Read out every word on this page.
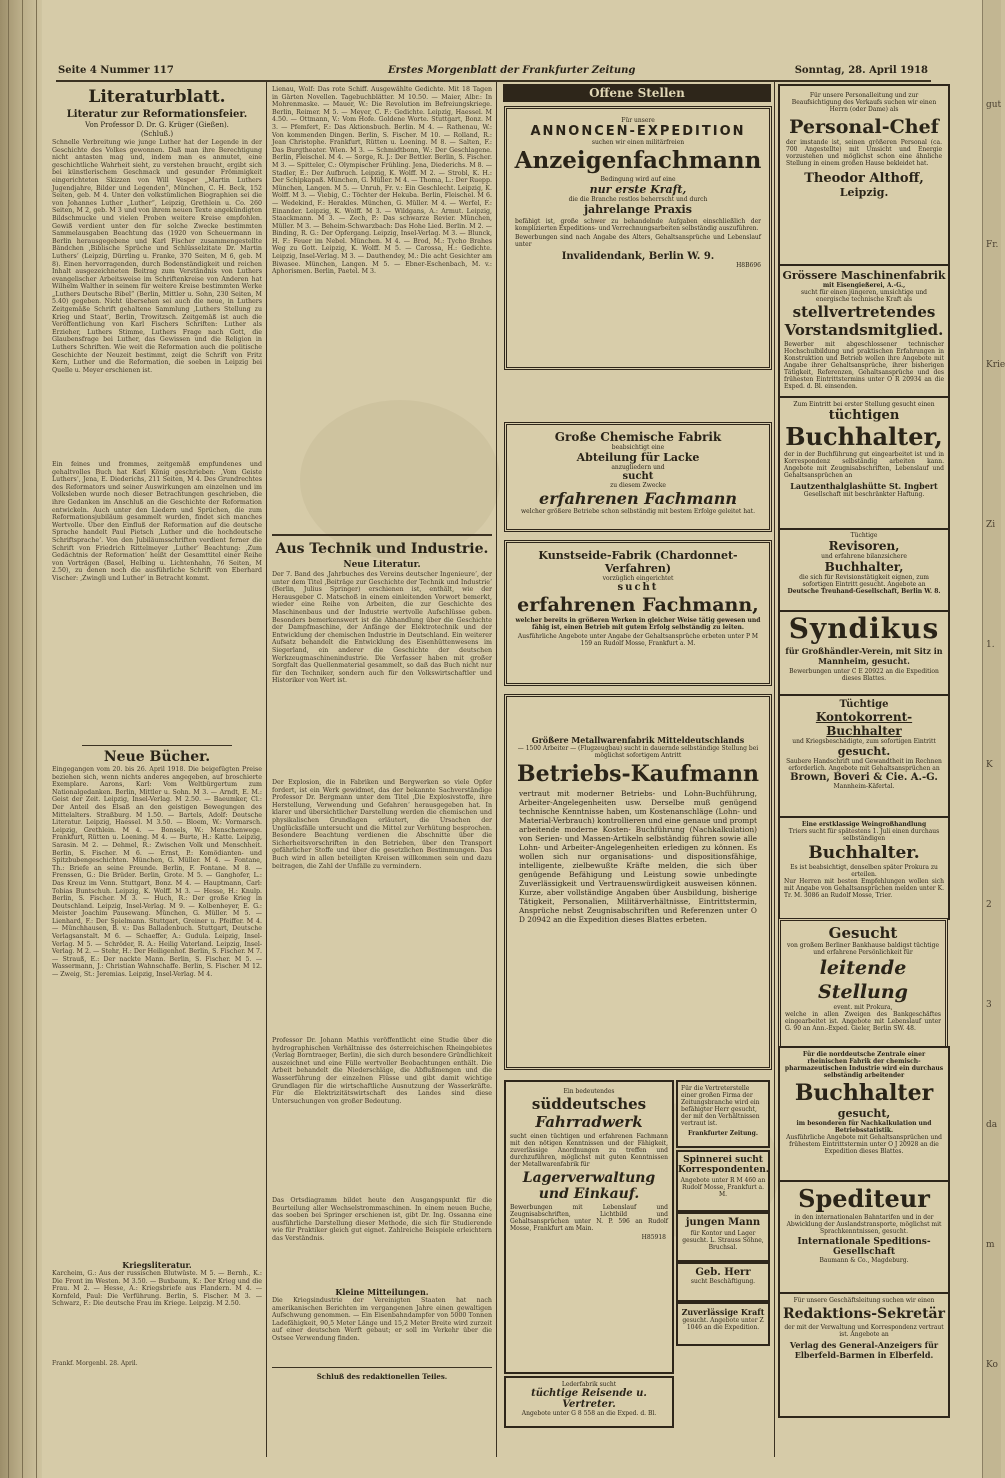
Seite 4 Nummer 117	Erstes Morgenblatt der Frankfurter Zeitung	Sonntag, 28. April 1918
Literaturblatt.
Literatur zur Reformationsfeier.
Von Professor D. Dr. G. Krüger (Gießen).
(Schluß.)
Schnelle Verbreitung wie junge Luther hat der Legende in der Geschichte des Volkes gewonnen. Daß man ihre Berechtigung nicht antasten mag und, indem man es anmutet, eine geschichtliche Wahrheit sieht, zu verstehen braucht, ergibt sich bei künstlerischem Geschmack und gesunder Frömmigkeit eingerichteten Skizzen von Will Vesper „Martin Luthers Jugendjahre, Bilder und Legenden“, München, C. H. Beck, 152 Seiten, geb. M 4. Unter den volkstümlichen Biographien sei die von Johannes Luther „Luther“, Leipzig, Grethlein u. Co. 260 Seiten, M 2, geb. M 3 und von ihrem neuen Texte angekündigten Bildschmucke und vielen Proben weitere Kreise empfohlen. Gewiß verdient unter den für solche Zwecke bestimmten Sammelausgaben Beachtung das (1920 von Scheuermann in Berlin herausgegebene und Karl Fischer zusammengestellte Bändchen ‚Biblische Sprüche und Schlüsselzitate Dr. Martin Luthers‘ (Leipzig, Dürrling u. Franke, 370 Seiten, M 6, geb. M 8). Einen hervorragenden, durch Bodenständigkeit und reichen Inhalt ausgezeichneten Beitrag zum Verständnis von Luthers evangelischer Arbeitsweise im Schriftenkreise von Anderen hat Wilhelm Walther in seinem für weitere Kreise bestimmten Werke „Luthers Deutsche Bibel“ (Berlin, Mittler u. Sohn, 230 Seiten, M 5.40) gegeben. Nicht übersehen sei auch die neue, in Luthers Zeitgemäße Schrift gehaltene Sammlung ‚Luthers Stellung zu Krieg und Staat‘, Berlin, Trowitzsch. Zeitgemäß ist auch die Veröffentlichung von Karl Fischers Schriften: Luther als Erzieher, Luthers Stimme, Luthers Frage nach Gott, die Glaubensfrage bei Luther, das Gewissen und die Religion in Luthers Schriften. Wie weit die Reformation auch die politische Geschichte der Neuzeit bestimmt, zeigt die Schrift von Fritz Kern, Luther und die Reformation, die soeben in Leipzig bei Quelle u. Meyer erschienen ist.
Ein feines und frommes, zeitgemäß empfundenes und gehaltvolles Buch hat Karl König geschrieben: ‚Vom Geiste Luthers‘, Jena, E. Diederichs, 211 Seiten, M 4. Des Grundrechtes des Reformators und seiner Auswirkungen am einzelnen und im Volksleben wurde noch dieser Betrachtungen geschrieben, die ihre Gedanken im Anschluß an die Geschichte der Reformation entwickeln. Auch unter den Liedern und Sprüchen, die zum Reformationsjubiläum gesammelt wurden, findet sich manches Wertvolle. Über den Einfluß der Reformation auf die deutsche Sprache handelt Paul Pietsch ‚Luther und die hochdeutsche Schriftsprache‘. Von den Jubiläumsschriften verdient ferner die Schrift von Friedrich Rittelmeyer ‚Luther‘ Beachtung: ‚Zum Gedächtnis der Reformation‘ heißt der Gesamttitel einer Reihe von Vorträgen (Basel, Helbing u. Lichtenhahn, 76 Seiten, M 2.50), zu denen noch die ausführliche Schrift von Eberhard Vischer: ‚Zwingli und Luther‘ in Betracht kommt.
Neue Bücher.
Eingegangen vom 20. bis 26. April 1918. Die beigefügten Preise beziehen sich, wenn nichts anderes angegeben, auf broschierte Exemplare. Aarons, Karl: Vom Weltbürgertum zum Nationalgedanken. Berlin, Mittler u. Sohn. M 3. — Arndt, E. M.: Geist der Zeit. Leipzig, Insel-Verlag. M 2.50. — Baeumker, Cl.: Der Anteil des Elsaß an den geistigen Bewegungen des Mittelalters. Straßburg. M 1.50. — Bartels, Adolf: Deutsche Literatur. Leipzig, Haessel. M 3.50. — Bloem, W.: Vormarsch. Leipzig, Grethlein. M 4. — Bonsels, W.: Menschenwege. Frankfurt, Rütten u. Loening. M 4. — Burte, H.: Katte. Leipzig, Sarasin. M 2. — Dehmel, R.: Zwischen Volk und Menschheit. Berlin, S. Fischer. M 6. — Ernst, P.: Komödianten- und Spitzbubengeschichten. München, G. Müller. M 4. — Fontane, Th.: Briefe an seine Freunde. Berlin, F. Fontane. M 8. — Frenssen, G.: Die Brüder. Berlin, Grote. M 5. — Ganghofer, L.: Das Kreuz im Venn. Stuttgart, Bonz. M 4. — Hauptmann, Carl: Tobias Buntschuh. Leipzig, K. Wolff. M 3. — Hesse, H.: Knulp. Berlin, S. Fischer. M 3. — Huch, R.: Der große Krieg in Deutschland. Leipzig, Insel-Verlag. M 9. — Kolbenheyer, E. G.: Meister Joachim Pausewang. München, G. Müller. M 5. — Lienhard, F.: Der Spielmann. Stuttgart, Greiner u. Pfeiffer. M 4. — Münchhausen, B. v.: Das Balladenbuch. Stuttgart, Deutsche Verlagsanstalt. M 6. — Schaeffer, A.: Gudula. Leipzig, Insel-Verlag. M 5. — Schröder, R. A.: Heilig Vaterland. Leipzig, Insel-Verlag. M 2. — Stehr, H.: Der Heiligenhof. Berlin, S. Fischer. M 7. — Strauß, E.: Der nackte Mann. Berlin, S. Fischer. M 5. — Wassermann, J.: Christian Wahnschaffe. Berlin, S. Fischer. M 12. — Zweig, St.: Jeremias. Leipzig, Insel-Verlag. M 4.
Kriegsliteratur.
Karcheim, G.: Aus der russischen Blutwüste. M 5. — Bernh., K.: Die Front im Westen. M 3.50. — Buxbaum, K.: Der Krieg und die Frau. M 2. — Hesse, A.: Kriegsbriefe aus Flandern. M 4. — Kornfeld, Paul: Die Verführung. Berlin, S. Fischer. M 3. — Schwarz, F.: Die deutsche Frau im Kriege. Leipzig. M 2.50.
Frankf. Morgenbl. 28. April.
Lienau, Wolf: Das rote Schiff. Ausgewählte Gedichte. Mit 18 Tagen in Gärten Novellen. Tagebuchblätter. M 10.50. — Maier, Albr.: In Mohrenmaske. — Mauer, W.: Die Revolution im Befreiungskriege. Berlin, Reimer. M 5. — Meyer, C. F.: Gedichte. Leipzig, Haessel. M 4.50. — Ottmann, V.: Vom Hofe. Goldene Worte. Stuttgart, Bonz. M 3. — Pfemfert, F.: Das Aktionsbuch. Berlin. M 4. — Rathenau, W.: Von kommenden Dingen. Berlin, S. Fischer. M 10. — Rolland, R.: Jean Christophe. Frankfurt, Rütten u. Loening. M 8. — Salten, F.: Das Burgtheater. Wien. M 3. — Schmidtbonn, W.: Der Geschlagene. Berlin, Fleischel. M 4. — Sorge, R. J.: Der Bettler. Berlin, S. Fischer. M 3. — Spitteler, C.: Olympischer Frühling. Jena, Diederichs. M 8. — Stadler, E.: Der Aufbruch. Leipzig, K. Wolff. M 2. — Strobl, K. H.: Der Schipkapaß. München, G. Müller. M 4. — Thoma, L.: Der Ruepp. München, Langen. M 5. — Unruh, Fr. v.: Ein Geschlecht. Leipzig, K. Wolff. M 3. — Viebig, C.: Töchter der Hekuba. Berlin, Fleischel. M 6. — Wedekind, F.: Herakles. München, G. Müller. M 4. — Werfel, F.: Einander. Leipzig, K. Wolff. M 3. — Wildgans, A.: Armut. Leipzig, Staackmann. M 3. — Zech, P.: Das schwarze Revier. München, Müller. M 3. — Beheim-Schwarzbach: Das Hohe Lied. Berlin. M 2. — Binding, R. G.: Der Opfergang. Leipzig, Insel-Verlag. M 3. — Blunck, H. F.: Feuer im Nebel. München. M 4. — Brod, M.: Tycho Brahes Weg zu Gott. Leipzig, K. Wolff. M 5. — Carossa, H.: Gedichte. Leipzig, Insel-Verlag. M 3. — Dauthendey, M.: Die acht Gesichter am Biwasee. München, Langen. M 5. — Ebner-Eschenbach, M. v.: Aphorismen. Berlin, Paetel. M 3.
Aus Technik und Industrie.
Neue Literatur.
Der 7. Band des ‚Jahrbuches des Vereins deutscher Ingenieure‘, der unter dem Titel ‚Beiträge zur Geschichte der Technik und Industrie‘ (Berlin, Julius Springer) erschienen ist, enthält, wie der Herausgeber C. Matschoß in einem einleitenden Vorwort bemerkt, wieder eine Reihe von Arbeiten, die zur Geschichte des Maschinenbaus und der Industrie wertvolle Aufschlüsse geben. Besonders bemerkenswert ist die Abhandlung über die Geschichte der Dampfmaschine, der Anfänge der Elektrotechnik und der Entwicklung der chemischen Industrie in Deutschland. Ein weiterer Aufsatz behandelt die Entwicklung des Eisenhüttenwesens im Siegerland, ein anderer die Geschichte der deutschen Werkzeugmaschinenindustrie. Die Verfasser haben mit großer Sorgfalt das Quellenmaterial gesammelt, so daß das Buch nicht nur für den Techniker, sondern auch für den Volkswirtschaftler und Historiker von Wert ist.
Der Explosion, die in Fabriken und Bergwerken so viele Opfer fordert, ist ein Werk gewidmet, das der bekannte Sachverständige Professor Dr. Bergmann unter dem Titel ‚Die Explosivstoffe, ihre Herstellung, Verwendung und Gefahren‘ herausgegeben hat. In klarer und übersichtlicher Darstellung werden die chemischen und physikalischen Grundlagen erläutert, die Ursachen der Unglücksfälle untersucht und die Mittel zur Verhütung besprochen. Besondere Beachtung verdienen die Abschnitte über die Sicherheitsvorschriften in den Betrieben, über den Transport gefährlicher Stoffe und über die gesetzlichen Bestimmungen. Das Buch wird in allen beteiligten Kreisen willkommen sein und dazu beitragen, die Zahl der Unfälle zu vermindern.
Professor Dr. Johann Mathis veröffentlicht eine Studie über die hydrographischen Verhältnisse des österreichischen Rheingebietes (Verlag Borntraeger, Berlin), die sich durch besondere Gründlichkeit auszeichnet und eine Fülle wertvoller Beobachtungen enthält. Die Arbeit behandelt die Niederschläge, die Abflußmengen und die Wasserführung der einzelnen Flüsse und gibt damit wichtige Grundlagen für die wirtschaftliche Ausnutzung der Wasserkräfte. Für die Elektrizitätswirtschaft des Landes sind diese Untersuchungen von großer Bedeutung.
Das Ortsdiagramm bildet heute den Ausgangspunkt für die Beurteilung aller Wechselstrommaschinen. In einem neuen Buche, das soeben bei Springer erschienen ist, gibt Dr. Ing. Ossanna eine ausführliche Darstellung dieser Methode, die sich für Studierende wie für Praktiker gleich gut eignet. Zahlreiche Beispiele erleichtern das Verständnis.
Kleine Mitteilungen.
Die Kriegsindustrie der Vereinigten Staaten hat nach amerikanischen Berichten im vergangenen Jahre einen gewaltigen Aufschwung genommen. — Ein Eisenbahndampfer von 5000 Tonnen Ladefähigkeit, 90,5 Meter Länge und 15,2 Meter Breite wird zurzeit auf einer deutschen Werft gebaut; er soll im Verkehr über die Ostsee Verwendung finden.
Schluß des redaktionellen Teiles.
Offene Stellen
Für unsere
ANNONCEN-EXPEDITION
suchen wir einen militärfreien
Anzeigenfachmann
Bedingung wird auf eine
nur erste Kraft,
die die Branche restlos beherrscht und durch
jahrelange Praxis
befähigt ist, große schwer zu behandelnde Aufgaben einschließlich der komplizierten Expeditions- und Verrechnungsarbeiten selbständig auszuführen.
Bewerbungen sind nach Angabe des Alters, Gehaltsansprüche und Lebenslauf unter
Invalidendank, Berlin W. 9.
H8B696
Große Chemische Fabrik
beabsichtigt eine
Abteilung für Lacke
anzugliedern und
sucht
zu diesem Zwecke
erfahrenen Fachmann
welcher größere Betriebe schon selbständig mit bestem Erfolge geleitet hat.
Kunstseide-Fabrik (Chardonnet-Verfahren)
vorzüglich eingerichtet
sucht
erfahrenen Fachmann,
welcher bereits in größeren Werken in gleicher Weise tätig gewesen und fähig ist, einen Betrieb mit gutem Erfolg selbständig zu leiten.
Ausführliche Angebote unter Angabe der Gehaltsansprüche erbeten unter P M 159 an Rudolf Mosse, Frankfurt a. M.
Größere Metallwarenfabrik Mitteldeutschlands
— 1500 Arbeiter — (Flugzeugbau) sucht in dauernde selbständige Stellung bei möglichst sofortigem Antritt
Betriebs-Kaufmann
vertraut mit moderner Betriebs- und Lohn-Buchführung, Arbeiter-Angelegenheiten usw. Derselbe muß genügend technische Kenntnisse haben, um Kostenanschläge (Lohn- und Material-Verbrauch) kontrollieren und eine genaue und prompt arbeitende moderne Kosten- Buchführung (Nachkalkulation) von Serien- und Massen-Artikeln selbständig führen sowie alle Lohn- und Arbeiter-Angelegenheiten erledigen zu können. Es wollen sich nur organisations- und dispositionsfähige, intelligente, zielbewußte Kräfte melden, die sich über genügende Befähigung und Leistung sowie unbedingte Zuverlässigkeit und Vertrauenswürdigkeit ausweisen können. Kurze, aber vollständige Angaben über Ausbildung, bisherige Tätigkeit, Personalien, Militärverhältnisse, Eintrittstermin, Ansprüche nebst Zeugnisabschriften und Referenzen unter O D 20942 an die Expedition dieses Blattes erbeten.
Ein bedeutendes
süddeutsches
Fahrradwerk
sucht einen tüchtigen und erfahrenen Fachmann mit den nötigen Kenntnissen und der Fähigkeit, zuverlässige Anordnungen zu treffen und durchzuführen, möglichst mit guten Kenntnissen der Metallwarenfabrik für
Lagerverwaltung
und Einkauf.
Bewerbungen mit Lebenslauf und Zeugnisabschriften, Lichtbild und Gehaltsansprüchen unter N. P. 596 an Rudolf Mosse, Frankfurt am Main.
H85918
Für die Vertreterstelle einer großen Firma der Zeitungsbranche wird ein befähigter Herr gesucht, der mit den Verhältnissen vertraut ist.
Frankfurter Zeitung.
Spinnerei sucht
Korrespondenten.
Angebote unter R M 460 an Rudolf Mosse, Frankfurt a. M.
jungen Mann
für Kontor und Lager gesucht. L. Strauss Söhne, Bruchsal.
Geb. Herr
sucht Beschäftigung.
Zuverlässige Kraft
gesucht. Angebote unter Z 1046 an die Expedition.
Lederfabrik sucht
tüchtige Reisende u. Vertreter.
Angebote unter G 8 558 an die Exped. d. Bl.
Für unsere Personalleitung und zur Beaufsichtigung des Verkaufs suchen wir einen Herrn (oder Dame) als
Personal-Chef
der imstande ist, seinen größeren Personal (ca. 700 Angestellte) mit Umsicht und Energie vorzustehen und möglichst schon eine ähnliche Stellung in einem großen Hause bekleidet hat.
Theodor Althoff,
Leipzig.
Grössere Maschinenfabrik
mit Eisengießerei, A.-G.,
sucht für einen jüngeren, umsichtige und energische technische Kraft als
stellvertretendes
Vorstandsmitglied.
Bewerber mit abgeschlossener technischer Hochschulbildung und praktischen Erfahrungen in Konstruktion und Betrieb wollen ihre Angebote mit Angabe ihrer Gehaltsansprüche, ihrer bisherigen Tätigkeit, Referenzen, Gehaltsansprüche und des frühesten Eintrittstermins unter O R 20934 an die Exped. d. Bl. einsenden.
Zum Eintritt bei erster Stellung gesucht einen
tüchtigen
Buchhalter,
der in der Buchführung gut eingearbeitet ist und in Korrespondenz selbständig arbeiten kann. Angebote mit Zeugnisabschriften, Lebenslauf und Gehaltsansprüchen an
Lautzenthalglashütte St. Ingbert
Gesellschaft mit beschränkter Haftung.
Tüchtige
Revisoren,
und erfahrene bilanzsichere
Buchhalter,
die sich für Revisionstätigkeit eignen, zum sofortigen Eintritt gesucht. Angebote an
Deutsche Treuhand-Gesellschaft, Berlin W. 8.
Syndikus
für Großhändler-Verein, mit Sitz in Mannheim, gesucht.
Bewerbungen unter C E 20922 an die Expedition dieses Blattes.
Tüchtige
Kontokorrent-Buchhalter
und Kriegsbeschädigte, zum sofortigen Eintritt
gesucht.
Saubere Handschrift und Gewandtheit im Rechnen erforderlich. Angebote mit Gehaltsansprüchen an
Brown, Boveri & Cie. A.-G.
Mannheim-Käfertal.
Eine erstklassige Weingroßhandlung
Triers sucht für spätestens 1. Juli einen durchaus selbständigen
Buchhalter.
Es ist beabsichtigt, denselben später Prokura zu erteilen.
Nur Herren mit besten Empfehlungen wollen sich mit Angabe von Gehaltsansprüchen melden unter K. Tr. M. 3086 an Rudolf Mosse, Trier.
Gesucht
von großem Berliner Bankhause baldigst tüchtige und erfahrene Persönlichkeit für
leitende Stellung
event. mit Prokura,
welche in allen Zweigen des Bankgeschäftes eingearbeitet ist. Angebote mit Lebenslauf unter G. 90 an Ann.-Exped. Gieler, Berlin SW. 48.
Für die norddeutsche Zentrale einer rheinischen Fabrik der chemisch-pharmazeutischen Industrie wird ein durchaus selbständig arbeitender
Buchhalter
gesucht,
im besonderen für Nachkalkulation und Betriebsstatistik.
Ausführliche Angebote mit Gehaltsansprüchen und frühestem Eintrittstermin unter O J 20928 an die Expedition dieses Blattes.
Spediteur
in den internationalen Bahntarifen und in der Abwicklung der Auslandstransporte, möglichst mit Sprachkenntnissen, gesucht.
Internationale Speditions-Gesellschaft
Baumann & Co., Magdeburg.
Für unsere Geschäftsleitung suchen wir einen
Redaktions-Sekretär
der mit der Verwaltung und Korrespondenz vertraut ist. Angebote an
Verlag des General-Anzeigers für Elberfeld-Barmen in Elberfeld.
gut
Fr.
Krie
Zi
1.
K
2
3
da
m
Ko
